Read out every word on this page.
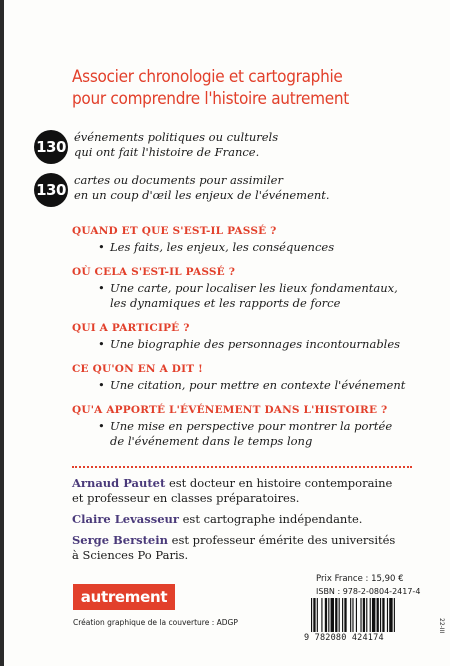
Associer chronologie et cartographie
pour comprendre l'histoire autrement
130
événements politiques ou culturels
qui ont fait l'histoire de France.
130
cartes ou documents pour assimiler
en un coup d'œil les enjeux de l'événement.
QUAND ET QUE S'EST-IL PASSÉ ?
• Les faits, les enjeux, les conséquences
OÙ CELA S'EST-IL PASSÉ ?
• Une carte, pour localiser les lieux fondamentaux,
les dynamiques et les rapports de force
QUI A PARTICIPÉ ?
• Une biographie des personnages incontournables
CE QU'ON EN A DIT !
• Une citation, pour mettre en contexte l'événement
QU'A APPORTÉ L'ÉVÉNEMENT DANS L'HISTOIRE ?
• Une mise en perspective pour montrer la portée
de l'événement dans le temps long
Arnaud Pautet est docteur en histoire contemporaine
et professeur en classes préparatoires.
Claire Levasseur est cartographe indépendante.
Serge Berstein est professeur émérite des universités
à Sciences Po Paris.
autrement
Création graphique de la couverture : ADGP
Prix France : 15,90 €
ISBN : 978-2-0804-2417-4
9 782080 424174
22-III
